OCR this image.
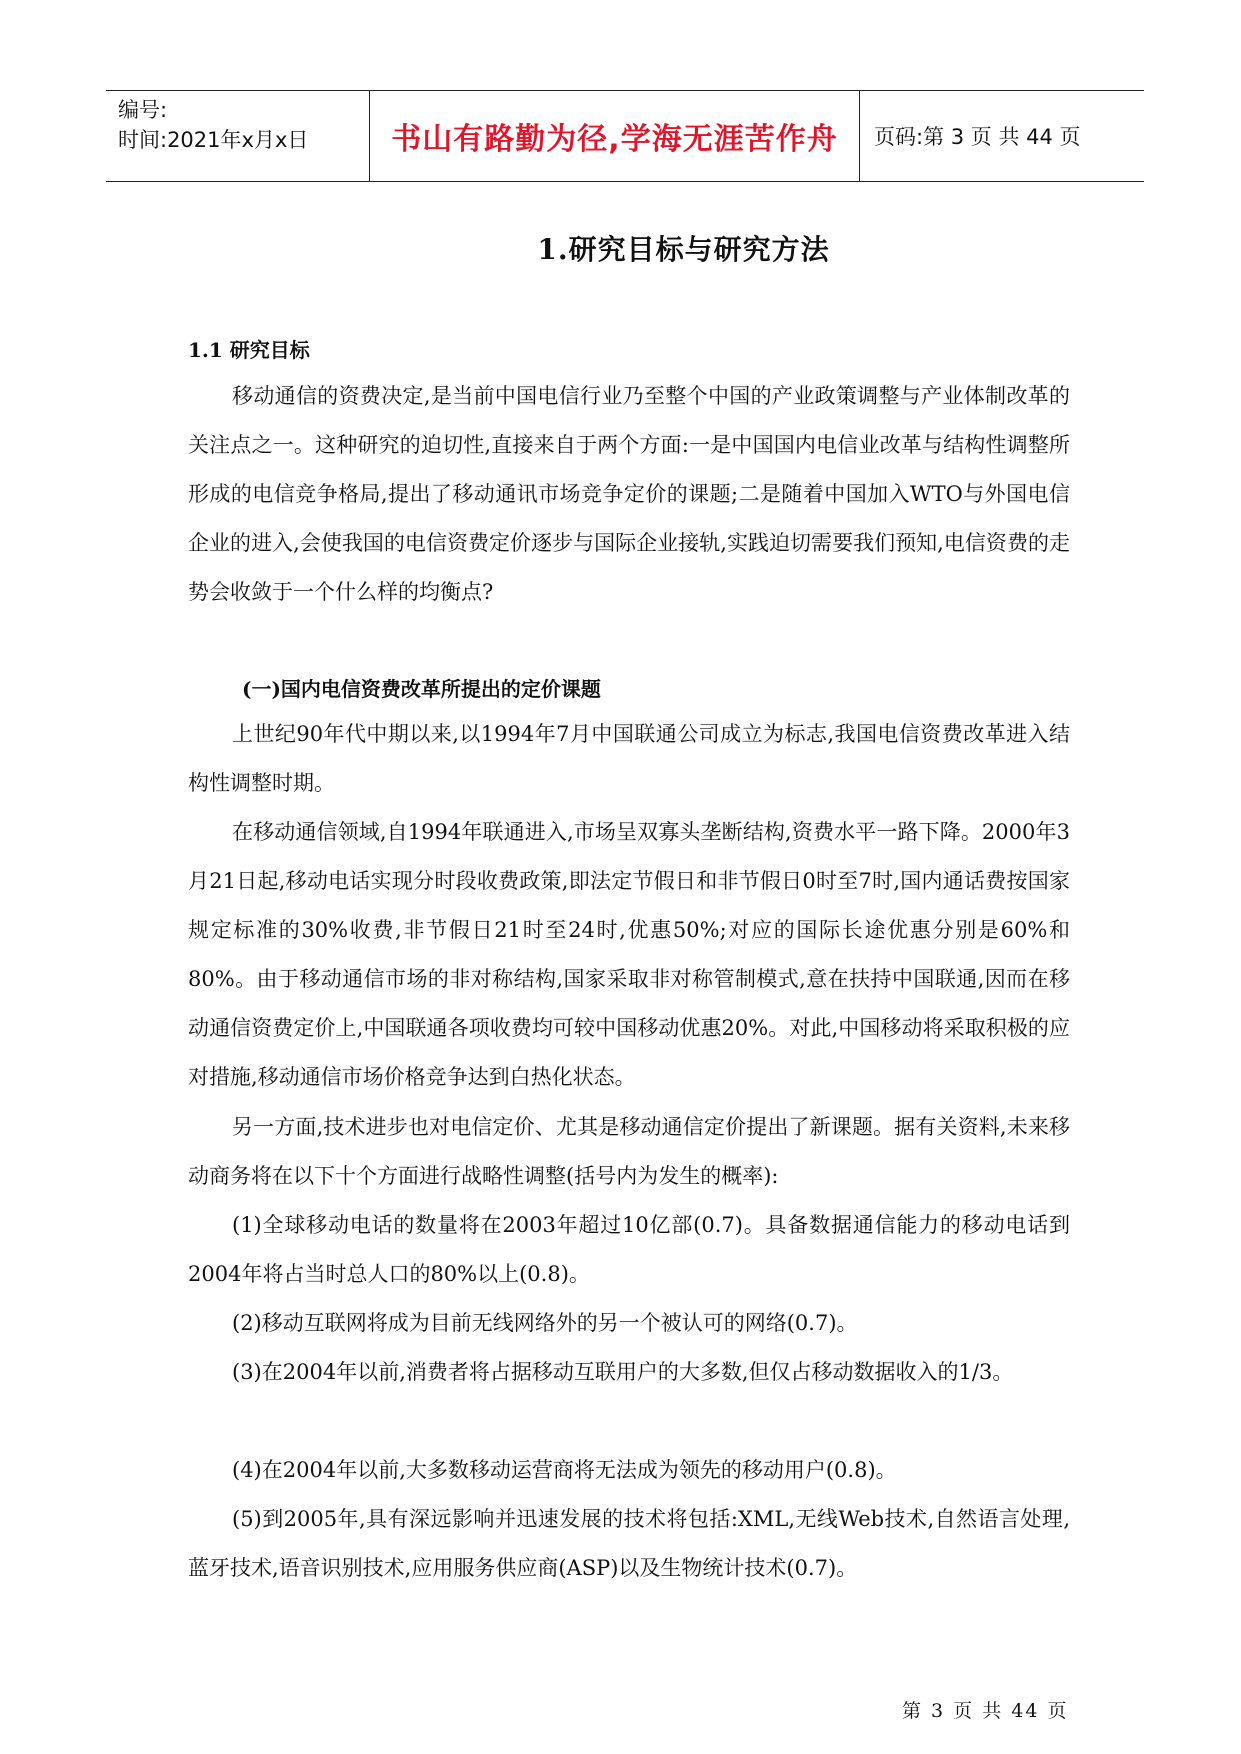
编号:
时间:2021年x月x日	书山有路勤为径,学海无涯苦作舟 页码:第 3 页 共 44 页
1.研究目标与研究方法
1.1 研究目标

移动通信的资费决定,是当前中国电信行业乃至整个中国的产业政策调整与产业体制改革的关注点之一。这种研究的迫切性,直接来自于两个方面:一是中国国内电信业改革与结构性调整所形成的电信竞争格局,提出了移动通讯市场竞争定价的课题;二是随着中国加入WTO与外国电信企业的进入,会使我国的电信资费定价逐步与国际企业接轨,实践迫切需要我们预知,电信资费的走势会收敛于一个什么样的均衡点?

(一)国内电信资费改革所提出的定价课题

上世纪90年代中期以来,以1994年7月中国联通公司成立为标志,我国电信资费改革进入结构性调整时期。

在移动通信领域,自1994年联通进入,市场呈双寡头垄断结构,资费水平一路下降。2000年3月21日起,移动电话实现分时段收费政策,即法定节假日和非节假日0时至7时,国内通话费按国家规定标准的30%收费,非节假日21时至24时,优惠50%;对应的国际长途优惠分别是60%和80%。由于移动通信市场的非对称结构,国家采取非对称管制模式,意在扶持中国联通,因而在移动通信资费定价上,中国联通各项收费均可较中国移动优惠20%。对此,中国移动将采取积极的应对措施,移动通信市场价格竞争达到白热化状态。

另一方面,技术进步也对电信定价、尤其是移动通信定价提出了新课题。据有关资料,未来移动商务将在以下十个方面进行战略性调整(括号内为发生的概率):

(1)全球移动电话的数量将在2003年超过10亿部(0.7)。具备数据通信能力的移动电话到2004年将占当时总人口的80%以上(0.8)。

(2)移动互联网将成为目前无线网络外的另一个被认可的网络(0.7)。

(3)在2004年以前,消费者将占据移动互联用户的大多数,但仅占移动数据收入的1/3。

(4)在2004年以前,大多数移动运营商将无法成为领先的移动用户(0.8)。

(5)到2005年,具有深远影响并迅速发展的技术将包括:XML,无线Web技术,自然语言处理,蓝牙技术,语音识别技术,应用服务供应商(ASP)以及生物统计技术(0.7)。

第 3 页 共 44 页
